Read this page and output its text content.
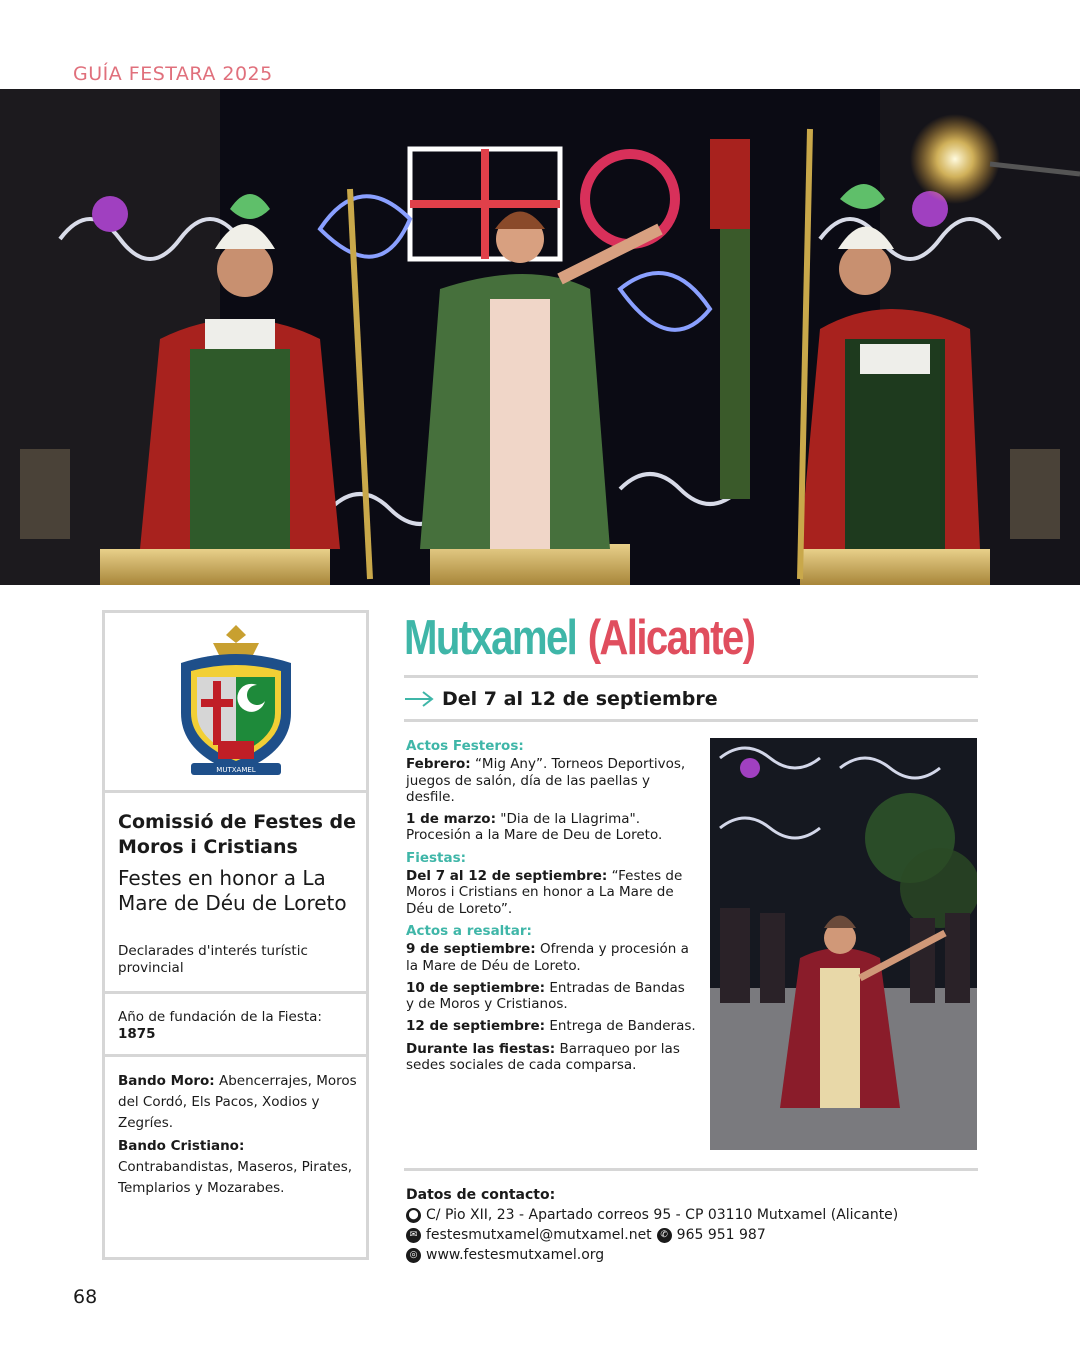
GUÍA FESTARA 2025
MUTXAMEL
Comissió de Festes de Moros i Cristians
Festes en honor a La Mare de Déu de Loreto
Declarades d'interés turístic provincial
Año de fundación de la Fiesta: 1875
Bando Moro: Abencerrajes, Moros del Cordó, Els Pacos, Xodios y Zegríes.
Bando Cristiano:
Contrabandistas, Maseros, Pirates, Templarios y Mozarabes.
Mutxamel (Alicante)
Del 7 al 12 de septiembre
Actos Festeros:
Febrero: “Mig Any”. Torneos Deportivos, juegos de salón, día de las paellas y desfile.
1 de marzo: "Dia de la Llagrima". Procesión a la Mare de Deu de Loreto.
Fiestas:
Del 7 al 12 de septiembre: “Festes de Moros i Cristians en honor a La Mare de Déu de Loreto”.
Actos a resaltar:
9 de septiembre: Ofrenda y procesión a la Mare de Déu de Loreto.
10 de septiembre: Entradas de Bandas y de Moros y Cristianos.
12 de septiembre: Entrega de Banderas.
Durante las fiestas: Barraqueo por las sedes sociales de cada comparsa.
Datos de contacto:
⬤ C/ Pio XII, 23 - Apartado correos 95 - CP 03110 Mutxamel (Alicante)
✉ festesmutxamel@mutxamel.net ✆ 965 951 987
◎ www.festesmutxamel.org
68
